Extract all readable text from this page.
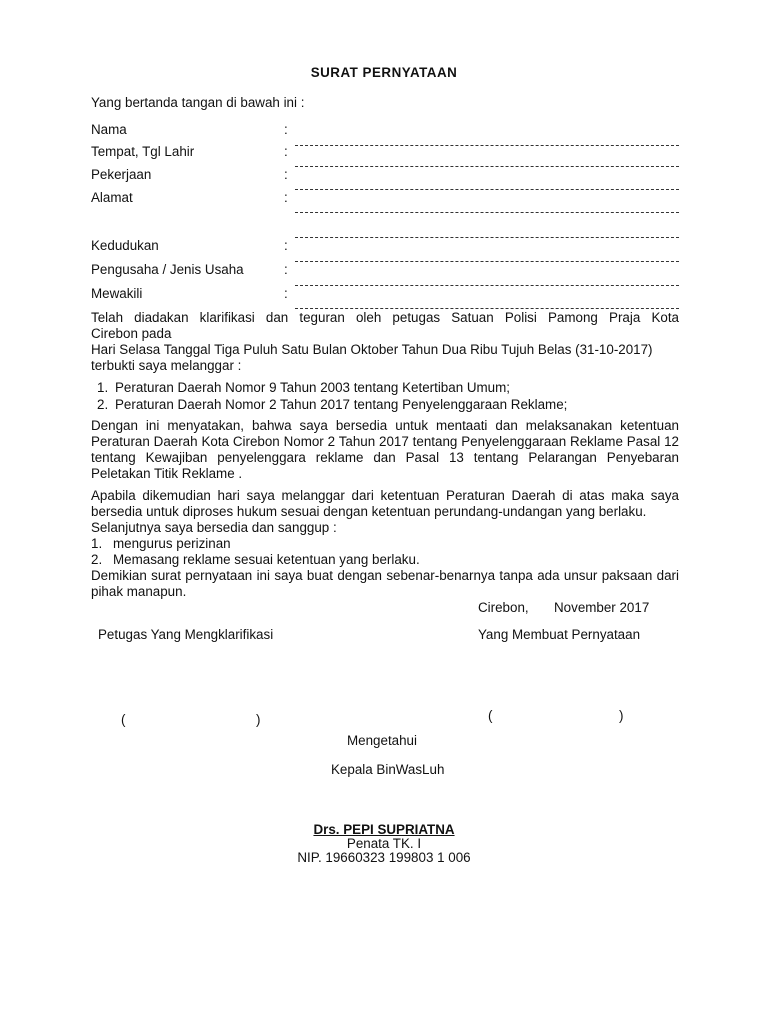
SURAT PERNYATAAN
Yang bertanda tangan di bawah ini :
Nama	:
Tempat, Tgl Lahir	:
Pekerjaan	:
Alamat	:
Kedudukan	:
Pengusaha / Jenis Usaha	:
Mewakili	:
Telah diadakan klarifikasi dan teguran oleh petugas Satuan Polisi Pamong Praja Kota
Cirebon pada
Hari Selasa Tanggal Tiga Puluh Satu Bulan Oktober Tahun Dua Ribu Tujuh Belas (31-10-2017)
terbukti saya melanggar :
1. Peraturan Daerah Nomor 9 Tahun 2003 tentang Ketertiban Umum;
2. Peraturan Daerah Nomor 2 Tahun 2017 tentang Penyelenggaraan Reklame;
Dengan ini menyatakan, bahwa saya bersedia untuk mentaati dan melaksanakan ketentuan Peraturan Daerah Kota Cirebon Nomor 2 Tahun 2017 tentang Penyelenggaraan Reklame Pasal 12 tentang Kewajiban penyelenggara reklame dan Pasal 13 tentang Pelarangan Penyebaran Peletakan Titik Reklame .
Apabila dikemudian hari saya melanggar dari ketentuan Peraturan Daerah di atas maka saya bersedia untuk diproses hukum sesuai dengan ketentuan perundang-undangan yang berlaku.
Selanjutnya saya bersedia dan sanggup :
1. mengurus perizinan
2. Memasang reklame sesuai ketentuan yang berlaku.
Demikian surat pernyataan ini saya buat dengan sebenar-benarnya tanpa ada unsur paksaan dari pihak manapun.
Cirebon, November 2017
Petugas Yang Mengklarifikasi	Yang Membuat Pernyataan
(	)	(	)
Mengetahui
Kepala BinWasLuh
Drs. PEPI SUPRIATNA
Penata TK. I
NIP. 19660323 199803 1 006
